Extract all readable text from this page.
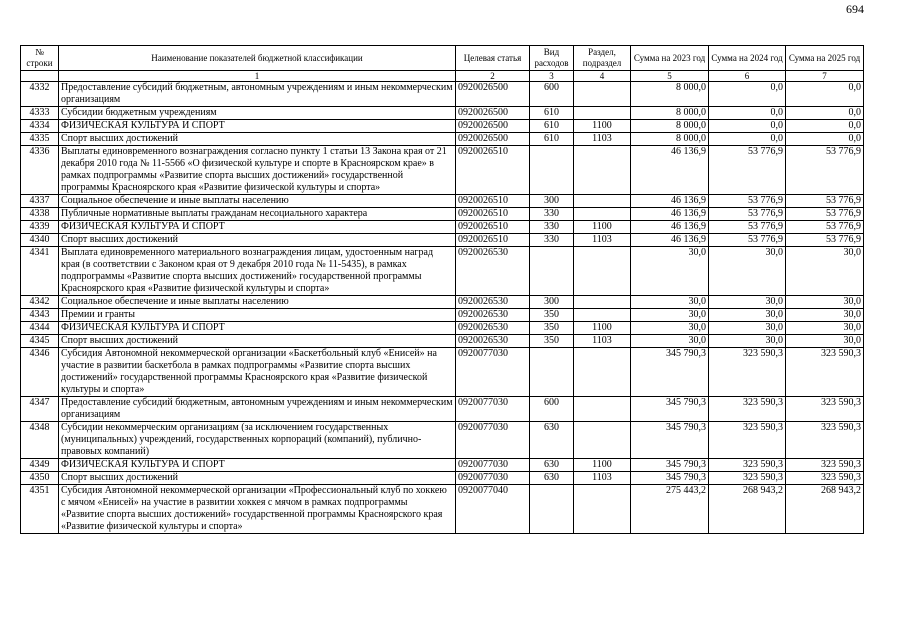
694
№ строки	Наименование показателей бюджетной классификации	Целевая статья	Вид расходов	Раздел, подраздел	Сумма на 2023 год	Сумма на 2024 год	Сумма на 2025 год
	1	2	3	4	5	6	7
4332	Предоставление субсидий бюджетным, автономным учреждениям и иным некоммерческим организациям	0920026500	600		8 000,0	0,0	0,0
4333	Субсидии бюджетным учреждениям	0920026500	610		8 000,0	0,0	0,0
4334	ФИЗИЧЕСКАЯ КУЛЬТУРА И СПОРТ	0920026500	610	1100	8 000,0	0,0	0,0
4335	Спорт высших достижений	0920026500	610	1103	8 000,0	0,0	0,0
4336	Выплаты единовременного вознаграждения согласно пункту 1 статьи 13 Закона края от 21 декабря 2010 года № 11-5566 «О физической культуре и спорте в Красноярском крае» в рамках подпрограммы «Развитие спорта высших достижений» государственной программы Красноярского края «Развитие физической культуры и спорта»	0920026510			46 136,9	53 776,9	53 776,9
4337	Социальное обеспечение и иные выплаты населению	0920026510	300		46 136,9	53 776,9	53 776,9
4338	Публичные нормативные выплаты гражданам несоциального характера	0920026510	330		46 136,9	53 776,9	53 776,9
4339	ФИЗИЧЕСКАЯ КУЛЬТУРА И СПОРТ	0920026510	330	1100	46 136,9	53 776,9	53 776,9
4340	Спорт высших достижений	0920026510	330	1103	46 136,9	53 776,9	53 776,9
4341	Выплата единовременного материального вознаграждения лицам, удостоенным наград края (в соответствии с Законом края от 9 декабря 2010 года № 11-5435), в рамках подпрограммы «Развитие спорта высших достижений» государственной программы Красноярского края «Развитие физической культуры и спорта»	0920026530			30,0	30,0	30,0
4342	Социальное обеспечение и иные выплаты населению	0920026530	300		30,0	30,0	30,0
4343	Премии и гранты	0920026530	350		30,0	30,0	30,0
4344	ФИЗИЧЕСКАЯ КУЛЬТУРА И СПОРТ	0920026530	350	1100	30,0	30,0	30,0
4345	Спорт высших достижений	0920026530	350	1103	30,0	30,0	30,0
4346	Субсидия Автономной некоммерческой организации «Баскетбольный клуб «Енисей» на участие в развитии баскетбола в рамках подпрограммы «Развитие спорта высших достижений» государственной программы Красноярского края «Развитие физической культуры и спорта»	0920077030			345 790,3	323 590,3	323 590,3
4347	Предоставление субсидий бюджетным, автономным учреждениям и иным некоммерческим организациям	0920077030	600		345 790,3	323 590,3	323 590,3
4348	Субсидии некоммерческим организациям (за исключением государственных (муниципальных) учреждений, государственных корпораций (компаний), публично-правовых компаний)	0920077030	630		345 790,3	323 590,3	323 590,3
4349	ФИЗИЧЕСКАЯ КУЛЬТУРА И СПОРТ	0920077030	630	1100	345 790,3	323 590,3	323 590,3
4350	Спорт высших достижений	0920077030	630	1103	345 790,3	323 590,3	323 590,3
4351	Субсидия Автономной некоммерческой организации «Профессиональный клуб по хоккею с мячом «Енисей» на участие в развитии хоккея с мячом в рамках подпрограммы «Развитие спорта высших достижений» государственной программы Красноярского края «Развитие физической культуры и спорта»	0920077040			275 443,2	268 943,2	268 943,2
